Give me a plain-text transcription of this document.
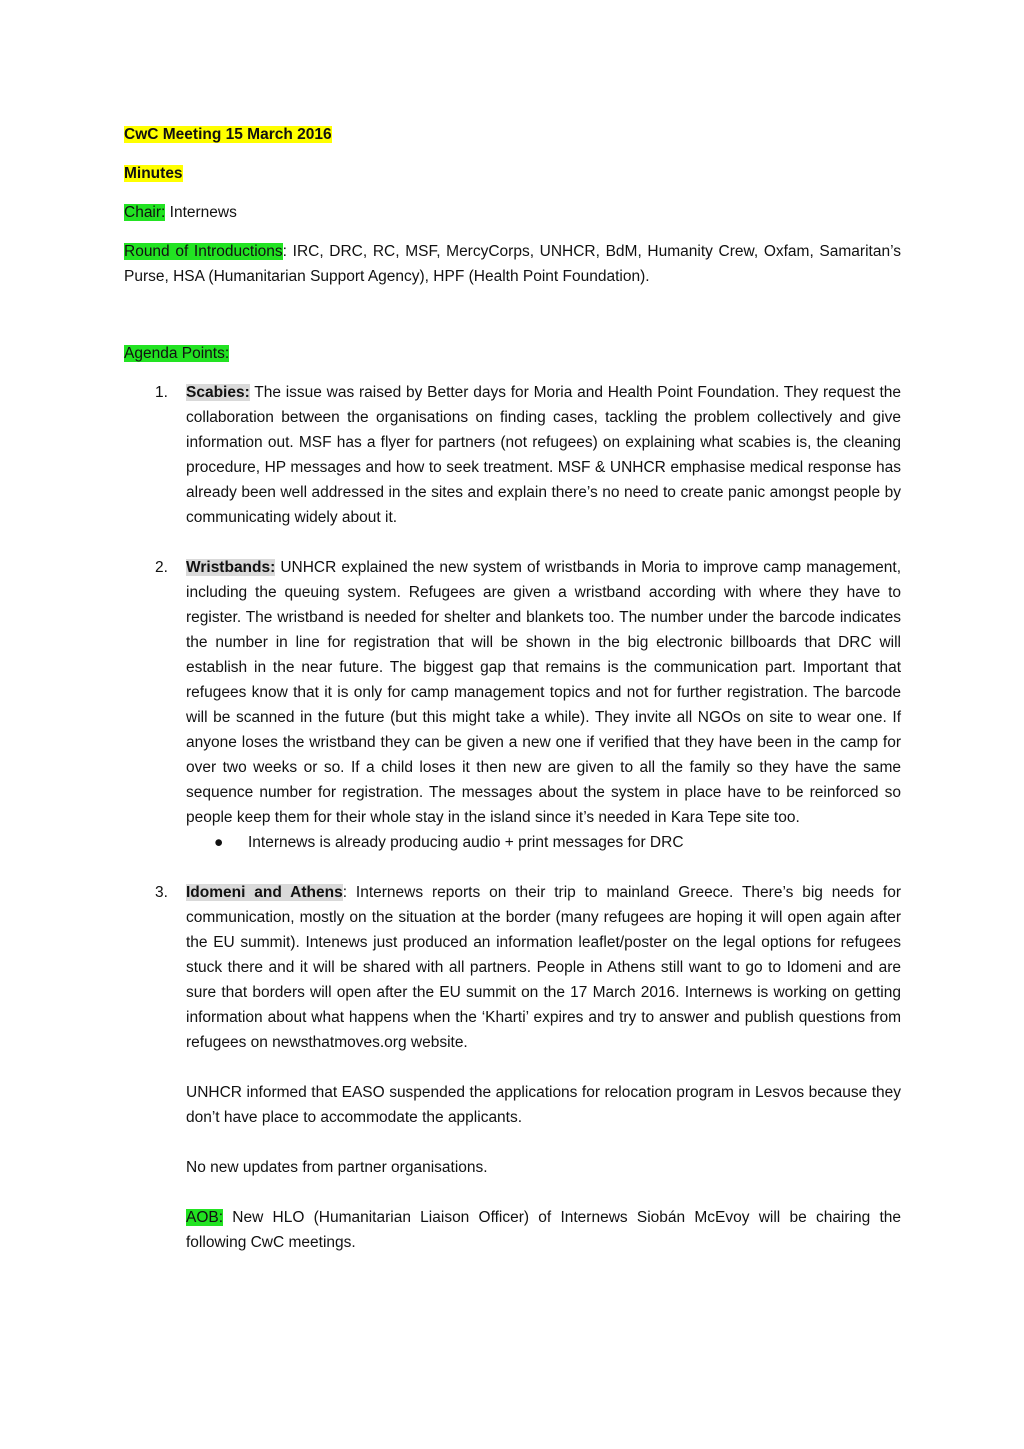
CwC Meeting 15 March 2016

Minutes

Chair: Internews

Round of Introductions: IRC, DRC, RC, MSF, MercyCorps, UNHCR, BdM, Humanity Crew, Oxfam, Samaritan’s Purse, HSA (Humanitarian Support Agency), HPF (Health Point Foundation).

Agenda Points:

1. Scabies: The issue was raised by Better days for Moria and Health Point Foundation. They request the collaboration between the organisations on finding cases, tackling the problem collectively and give information out. MSF has a flyer for partners (not refugees) on explaining what scabies is, the cleaning procedure, HP messages and how to seek treatment. MSF & UNHCR emphasise medical response has already been well addressed in the sites and explain there’s no need to create panic amongst people by communicating widely about it.
2. Wristbands: UNHCR explained the new system of wristbands in Moria to improve camp management, including the queuing system. Refugees are given a wristband according with where they have to register. The wristband is needed for shelter and blankets too. The number under the barcode indicates the number in line for registration that will be shown in the big electronic billboards that DRC will establish in the near future. The biggest gap that remains is the communication part. Important that refugees know that it is only for camp management topics and not for further registration. The barcode will be scanned in the future (but this might take a while). They invite all NGOs on site to wear one. If anyone loses the wristband they can be given a new one if verified that they have been in the camp for over two weeks or so. If a child loses it then new are given to all the family so they have the same sequence number for registration. The messages about the system in place have to be reinforced so people keep them for their whole stay in the island since it’s needed in Kara Tepe site too.
● Internews is already producing audio + print messages for DRC
3. Idomeni and Athens: Internews reports on their trip to mainland Greece. There’s big needs for communication, mostly on the situation at the border (many refugees are hoping it will open again after the EU summit). Intenews just produced an information leaflet/poster on the legal options for refugees stuck there and it will be shared with all partners. People in Athens still want to go to Idomeni and are sure that borders will open after the EU summit on the 17 March 2016. Internews is working on getting information about what happens when the ‘Kharti’ expires and try to answer and publish questions from refugees on newsthatmoves.org website.

UNHCR informed that EASO suspended the applications for relocation program in Lesvos because they don’t have place to accommodate the applicants.

No new updates from partner organisations.

AOB: New HLO (Humanitarian Liaison Officer) of Internews Siobán McEvoy will be chairing the following CwC meetings.
